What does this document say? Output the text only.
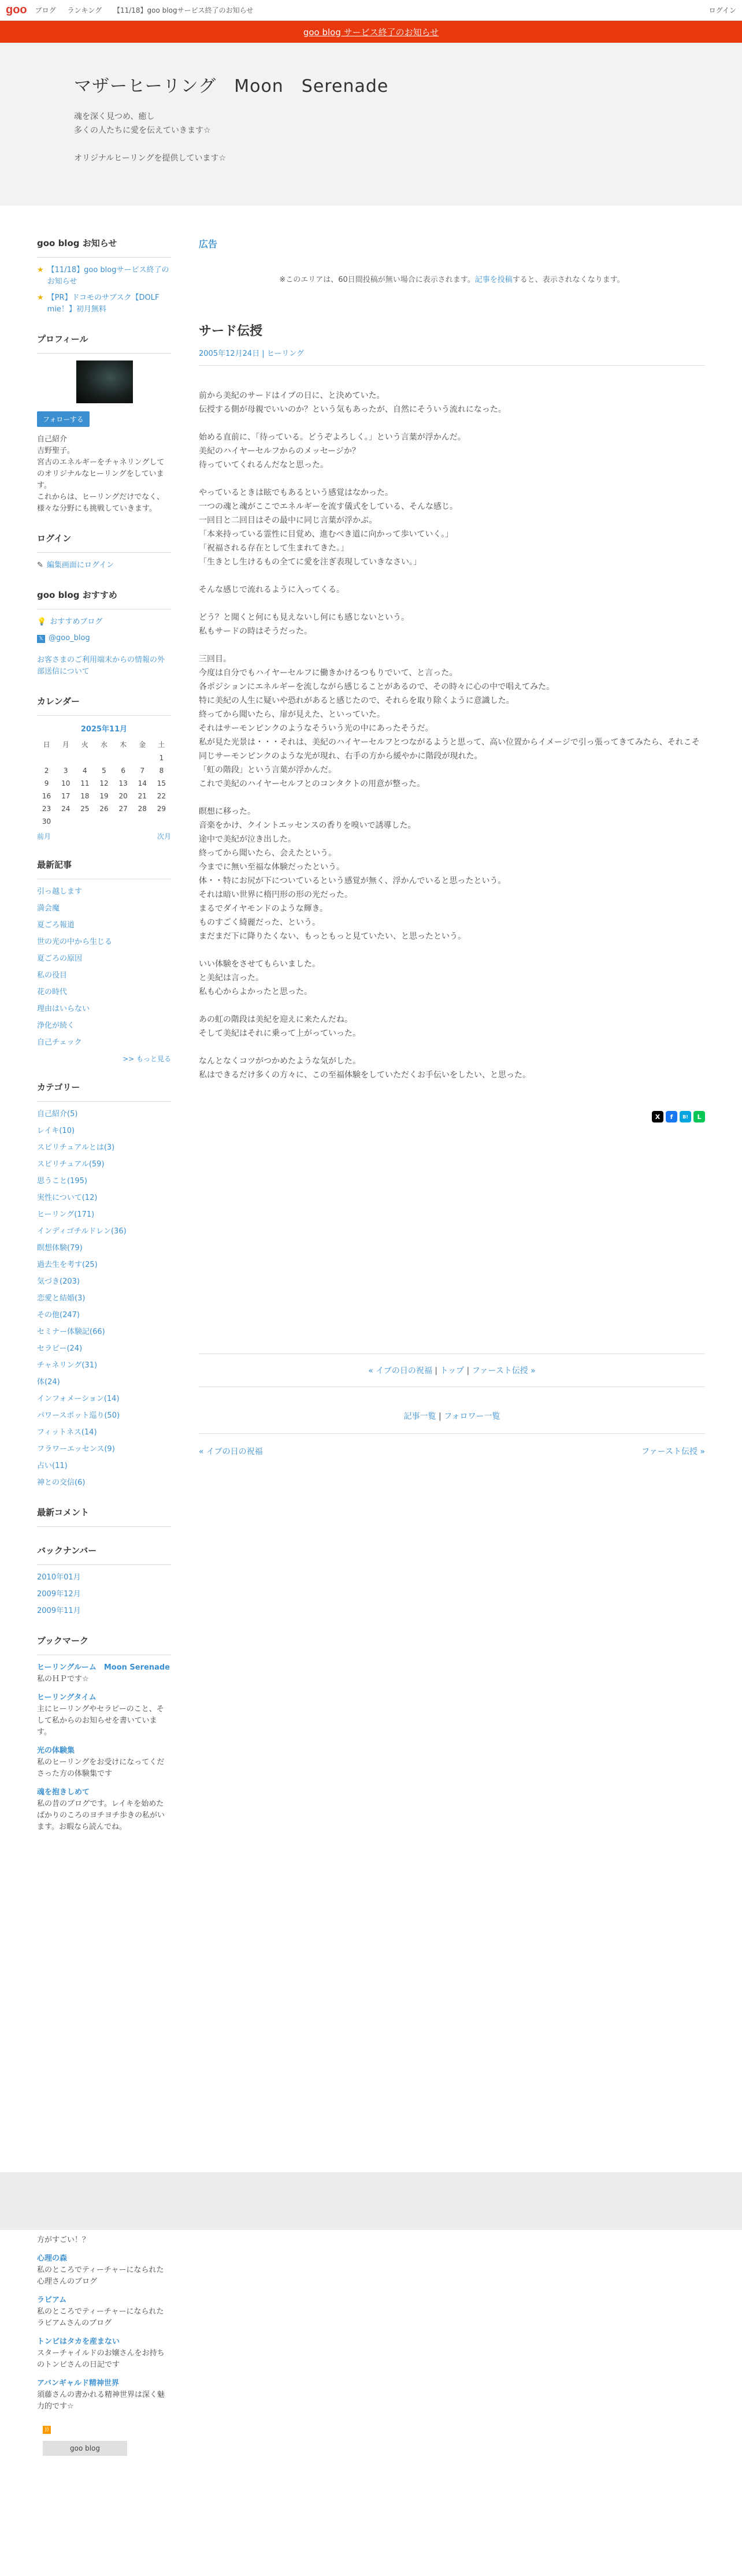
goo ブログ ランキング 【11/18】goo blogサービス終了のお知らせ	ログイン
goo blog サービス終了のお知らせ
マザーヒーリング　Moon　Serenade
魂を深く見つめ、癒し
多くの人たちに愛を伝えていきます☆
オリジナルヒーリングを提供しています☆
goo blog お知らせ
★ 【11/18】goo blogサービス終了のお知らせ
★ 【PR】ドコモのサブスク【DOLF mie！】初月無料
プロフィール
フォローする
自己紹介
吉野聖子。
宮古のエネルギーをチャネリングしてのオリジナルなヒーリングをしています。
これからは、ヒーリングだけでなく、様々な分野にも挑戦していきます。
ログイン
✎ 編集画面にログイン
goo blog おすすめ
💡 おすすめブログ
𝕏 @goo_blog
お客さまのご利用端末からの情報の外部送信について
カレンダー
2025年11月
日	月	火	水	木	金	土
						1
2	3	4	5	6	7	8
9	10	11	12	13	14	15
16	17	18	19	20	21	22
23	24	25	26	27	28	29
30						
前月	次月
最新記事
引っ越します
満会魔
夏ごろ報道
世の光の中から生じる
夏ごろの原因
私の役目
花の時代
理由はいらない
浄化が続く
自己チェック
>> もっと見る
カテゴリー
自己紹介(5)
レイキ(10)
スピリチュアルとは(3)
スピリチュアル(59)
思うこと(195)
実性について(12)
ヒーリング(171)
インディゴチルドレン(36)
瞑想体験(79)
過去生を考す(25)
気づき(203)
恋愛と結婚(3)
その他(247)
セミナー体験記(66)
セラピー(24)
チャネリング(31)
体(24)
インフォメーション(14)
パワースポット巡り(50)
フィットネス(14)
フラワーエッセンス(9)
占い(11)
神との交信(6)
最新コメント
バックナンバー
2010年01月
2009年12月
2009年11月
ブックマーク
ヒーリングルーム　Moon Serenade
私のＨＰです☆
ヒーリングタイム
主にヒーリングやセラピーのこと、そして私からのお知らせを書いています。
光の体験集
私のヒーリングをお受けになってくださった方の体験集です
魂を抱きしめて
私の昔のブログです。レイキを始めたばかりのころのヨチヨチ歩きの私がいます。お暇なら読んでね。
広告
※このエリアは、60日間投稿が無い場合に表示されます。記事を投稿すると、表示されなくなります。
サード伝授
2005年12月24日 | ヒーリング

前から美紀のサードはイブの日に、と決めていた。
伝授する側が母親でいいのか？という気もあったが、自然にそういう流れになった。

始める直前に、「待っている。どうぞよろしく。」という言葉が浮かんだ。
美紀のハイヤーセルフからのメッセージか？
待っていてくれるんだなと思った。

やっているときは眩でもあるという感覚はなかった。
一つの魂と魂がここでエネルギーを流す儀式をしている、そんな感じ。
一回目と二回目はその最中に同じ言葉が浮かぶ。
「本来持っている霊性に目覚め、進むべき道に向かって歩いていく。」
「祝福される存在として生まれてきた。」
「生きとし生けるもの全てに愛を注ぎ表現していきなさい。」

そんな感じで流れるように入ってくる。

どう？と聞くと何にも見えないし何にも感じないという。
私もサードの時はそうだった。

三回目。
今度は自分でもハイヤーセルフに働きかけるつもりでいて、と言った。
各ポジションにエネルギーを流しながら感じることがあるので、その時々に心の中で唱えてみた。
特に美紀の人生に疑いや恐れがあると感じたので、それらを取り除くように意識した。
終ってから聞いたら、扉が見えた、といっていた。
それはサーモンピンクのようなそういう光の中にあったそうだ。
私が見た光景は・・・それは、美紀のハイヤーセルフとつながるようと思って、高い位置からイメージで引っ張ってきてみたら、それこそ同じサーモンピンクのような光が現れ、右手の方から緩やかに階段が現れた。
「虹の階段」という言葉が浮かんだ。
これで美紀のハイヤーセルフとのコンタクトの用意が整った。

瞑想に移った。
音楽をかけ、クイントエッセンスの香りを嗅いで誘導した。
途中で美紀が泣き出した。
終ってから聞いたら、会えたという。
今までに無い至福な体験だったという。
体・・特にお尻が下についているという感覚が無く、浮かんでいると思ったという。
それは暗い世界に楕円形の形の光だった。
まるでダイヤモンドのような輝き。
ものすごく綺麗だった、という。
まだまだ下に降りたくない、もっともっと見ていたい、と思ったという。

いい体験をさせてもらいました。
と美紀は言った。
私も心からよかったと思った。

あの虹の階段は美紀を迎えに来たんだね。
そして美紀はそれに乗って上がっていった。

なんとなくコツがつかめたような気がした。
私はできるだけ多くの方々に、この至福体験をしていただくお手伝いをしたい、と思った。

X	f	B!	L
« イブの日の祝福 | トップ | ファースト伝授 »
記事一覧 | フォロワー一覧
« イブの日の祝福	ファースト伝授 »
方がすごい！？
心理の森
私のところでティーチャーになられた心理さんのブログ
ラビアム
私のところでティーチャーになられたラビアムさんのブログ
トンビはタカを産まない
スターチャイルドのお嬢さんをお持ちのトンビさんの日記です
アバンギャルド精神世界
須藤さんの書かれる精神世界は深く魅力的です☆
))
goo blog
